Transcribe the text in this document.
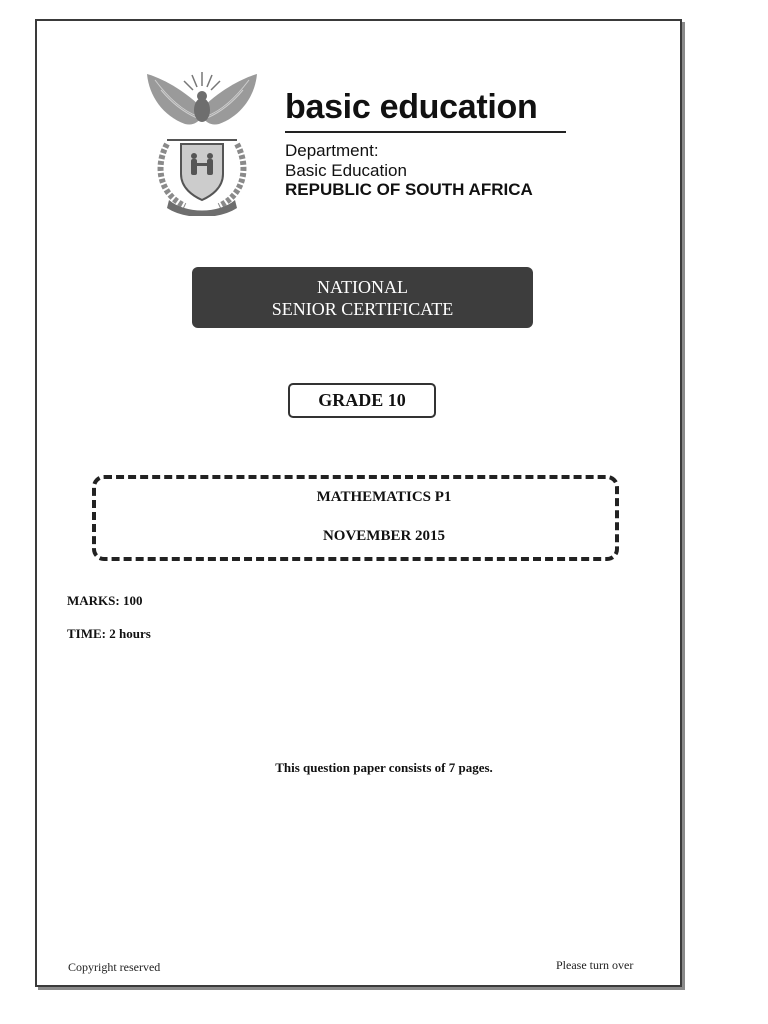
basic education
Department:
Basic Education
REPUBLIC OF SOUTH AFRICA
NATIONAL
SENIOR CERTIFICATE
GRADE 10
MATHEMATICS P1
NOVEMBER 2015
MARKS: 100
TIME: 2 hours
This question paper consists of 7 pages.
Copyright reserved	Please turn over
